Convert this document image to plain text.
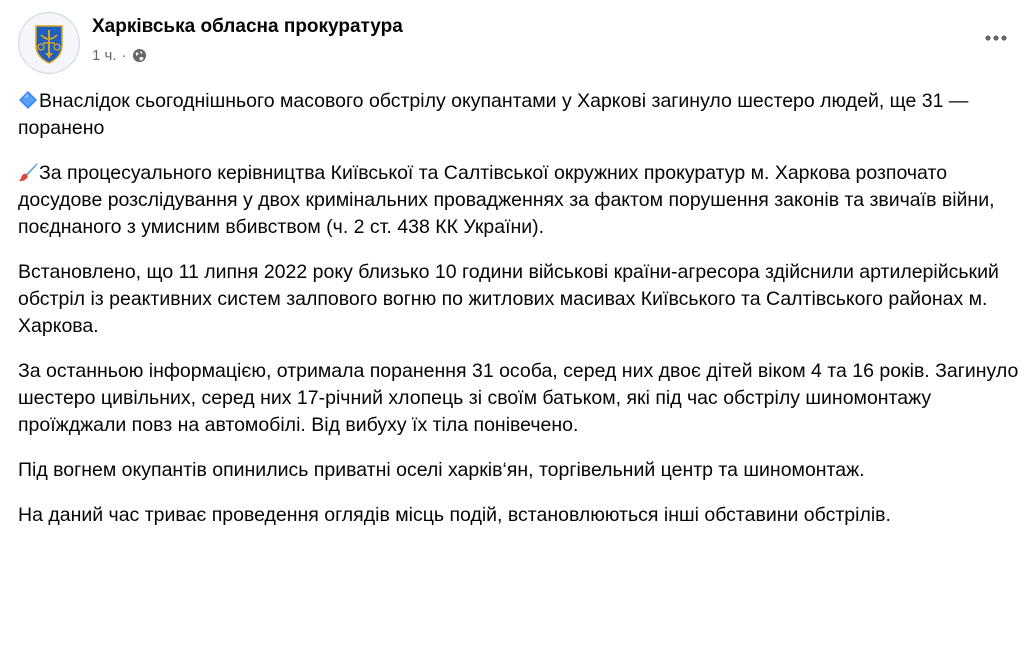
Харківська обласна прокуратура
1 ч. ·

Внаслідок сьогоднішнього масового обстрілу окупантами у Харкові загинуло шестеро людей, ще 31 — поранено

За процесуального керівництва Київської та Салтівської окружних прокуратур м. Харкова розпочато досудове розслідування у двох кримінальних провадженнях за фактом порушення законів та звичаїв війни, поєднаного з умисним вбивством (ч. 2 ст. 438 КК України).

Встановлено, що 11 липня 2022 року близько 10 години військові країни-агресора здійснили артилерійський обстріл із реактивних систем залпового вогню по житлових масивах Київського та Салтівського районах м. Харкова.

За останньою інформацією, отримала поранення 31 особа, серед них двоє дітей віком 4 та 16 років. Загинуло шестеро цивільних, серед них 17-річний хлопець зі своїм батьком, які під час обстрілу шиномонтажу проїжджали повз на автомобілі. Від вибуху їх тіла понівечено.

Під вогнем окупантів опинились приватні оселі харків‘ян, торгівельний центр та шиномонтаж.

На даний час триває проведення оглядів місць подій, встановлюються інші обставини обстрілів.
